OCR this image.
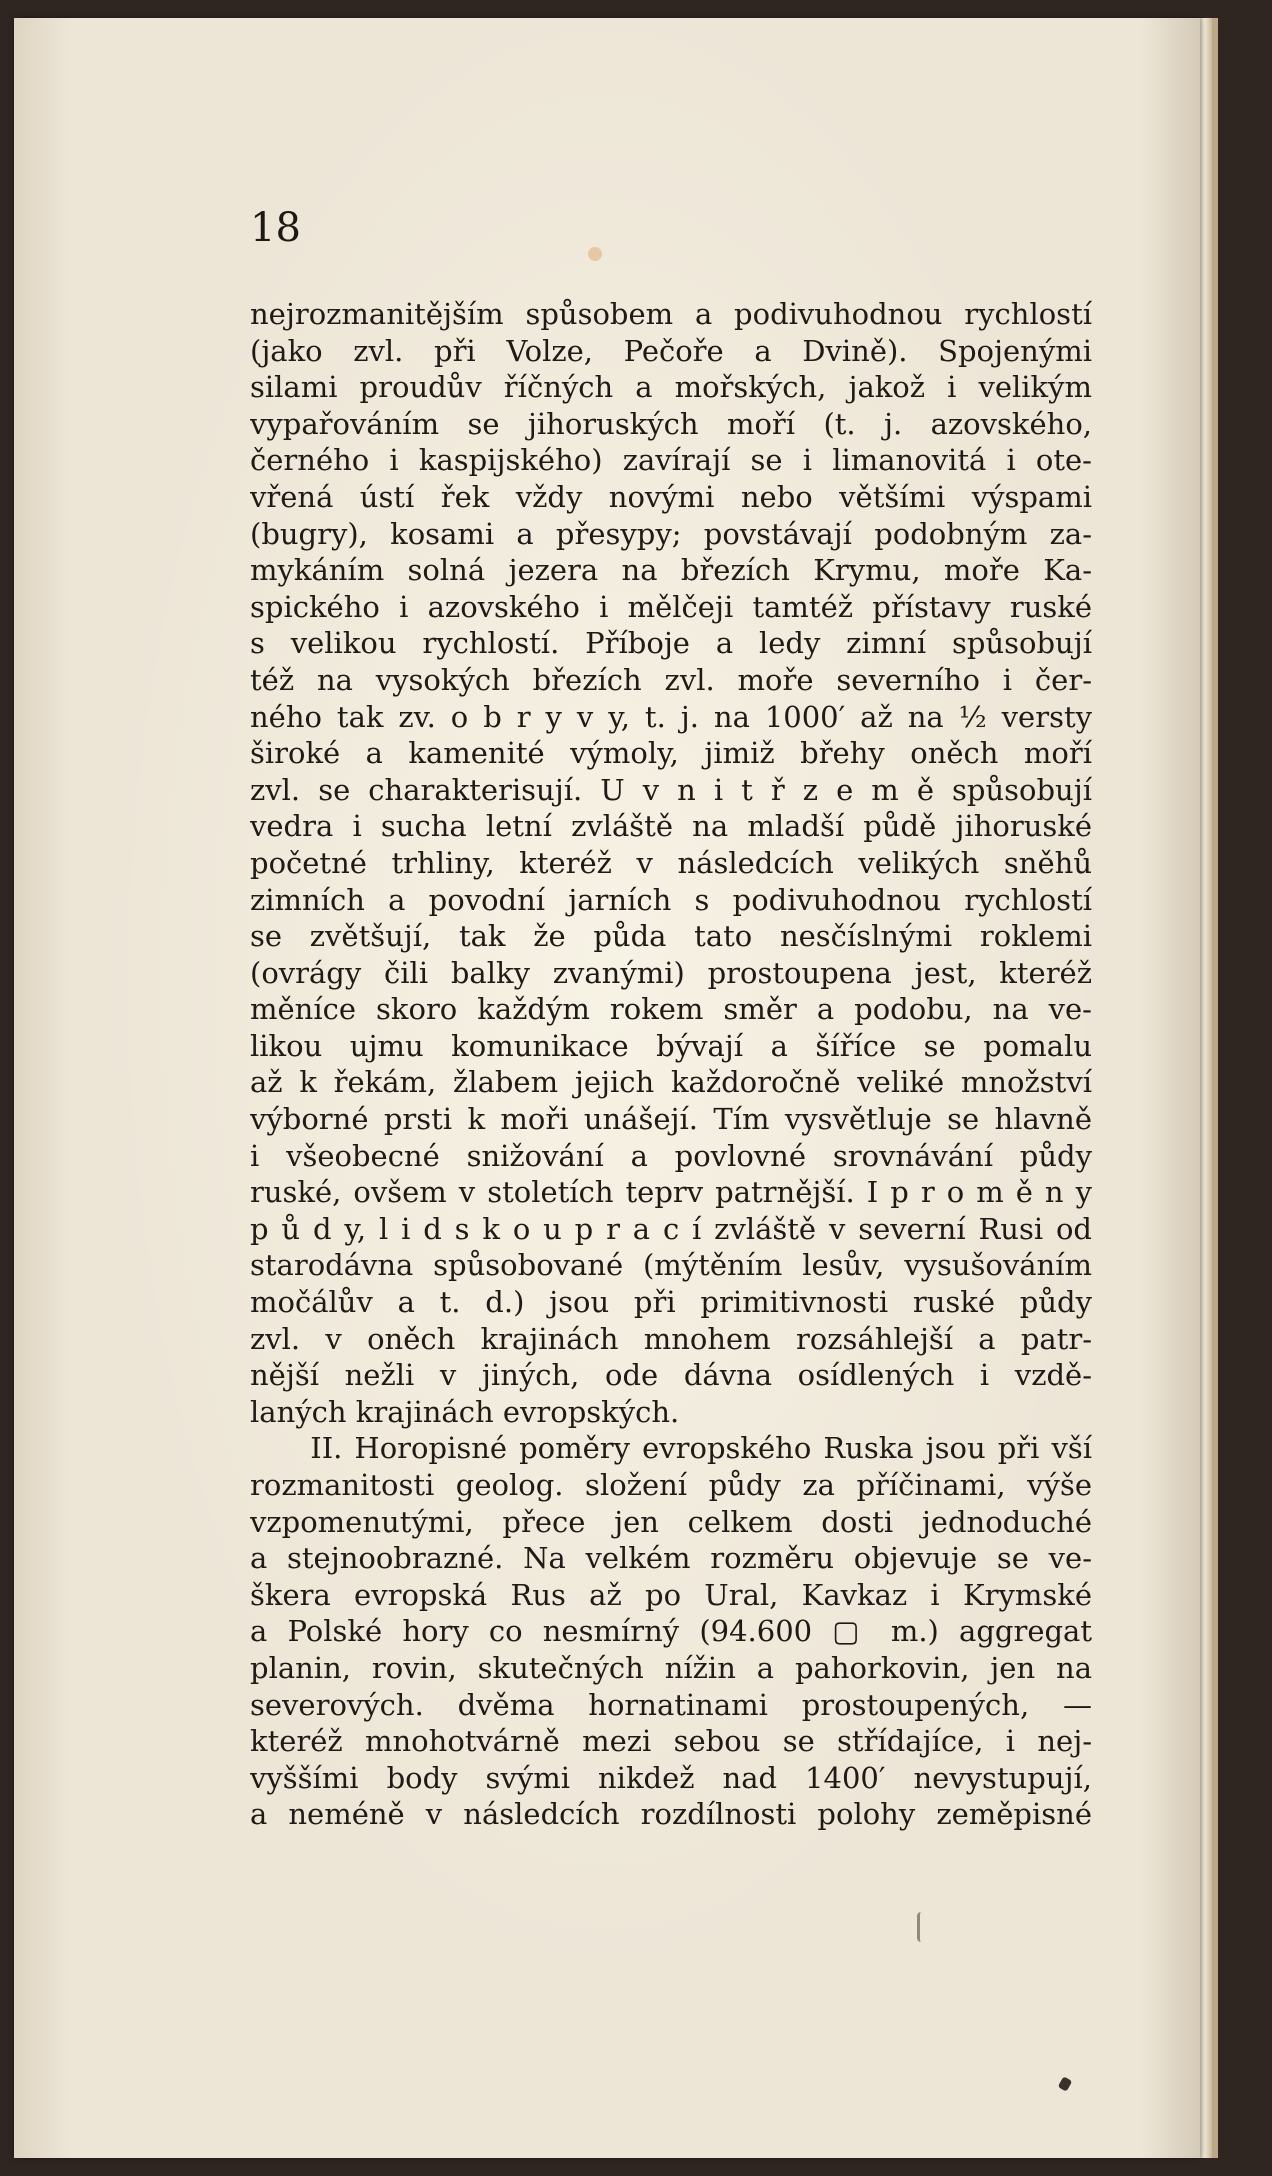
18
nejrozmanitějším spůsobem a podivuhodnou rychlostí
(jako zvl. při Volze, Pečoře a Dvině). Spojenými
silami proudův říčných a mořských, jakož i velikým
vypařováním se jihoruských moří (t. j. azovského,
černého i kaspijského) zavírají se i limanovitá i ote-
vřená ústí řek vždy novými nebo většími výspami
(bugry), kosami a přesypy; povstávají podobným za-
mykáním solná jezera na březích Krymu, moře Ka-
spického i azovského i mělčeji tamtéž přístavy ruské
s velikou rychlostí. Příboje a ledy zimní spůsobují
též na vysokých březích zvl. moře severního i čer-
ného tak zv. o b r y v y, t. j. na 1000′ až na ½ versty
široké a kamenité výmoly, jimiž břehy oněch moří
zvl. se charakterisují. U v n i t ř z e m ě spůsobují
vedra i sucha letní zvláště na mladší půdě jihoruské
početné trhliny, kteréž v následcích velikých sněhů
zimních a povodní jarních s podivuhodnou rychlostí
se zvětšují, tak že půda tato nesčíslnými roklemi
(ovrágy čili balky zvanými) prostoupena jest, kteréž
měníce skoro každým rokem směr a podobu, na ve-
likou ujmu komunikace bývají a šíříce se pomalu
až k řekám, žlabem jejich každoročně veliké množství
výborné prsti k moři unášejí. Tím vysvětluje se hlavně
i všeobecné snižování a povlovné srovnávání půdy
ruské, ovšem v stoletích teprv patrnější. I p r o m ě n y
p ů d y, l i d s k o u p r a c í zvláště v severní Rusi od
starodávna spůsobované (mýtěním lesův, vysušováním
močálův a t. d.) jsou při primitivnosti ruské půdy
zvl. v oněch krajinách mnohem rozsáhlejší a patr-
nější nežli v jiných, ode dávna osídlených i vzdě-
laných krajinách evropských.
II. Horopisné poměry evropského Ruska jsou při vší
rozmanitosti geolog. složení půdy za příčinami, výše
vzpomenutými, přece jen celkem dosti jednoduché
a stejnoobrazné. Na velkém rozměru objevuje se ve-
škera evropská Rus až po Ural, Kavkaz i Krymské
a Polské hory co nesmírný (94.600 ▢ m.) aggregat
planin, rovin, skutečných nížin a pahorkovin, jen na
severových. dvěma hornatinami prostoupených, —
kteréž mnohotvárně mezi sebou se střídajíce, i nej-
vyššími body svými nikdež nad 1400′ nevystupují,
a neméně v následcích rozdílnosti polohy zeměpisné
